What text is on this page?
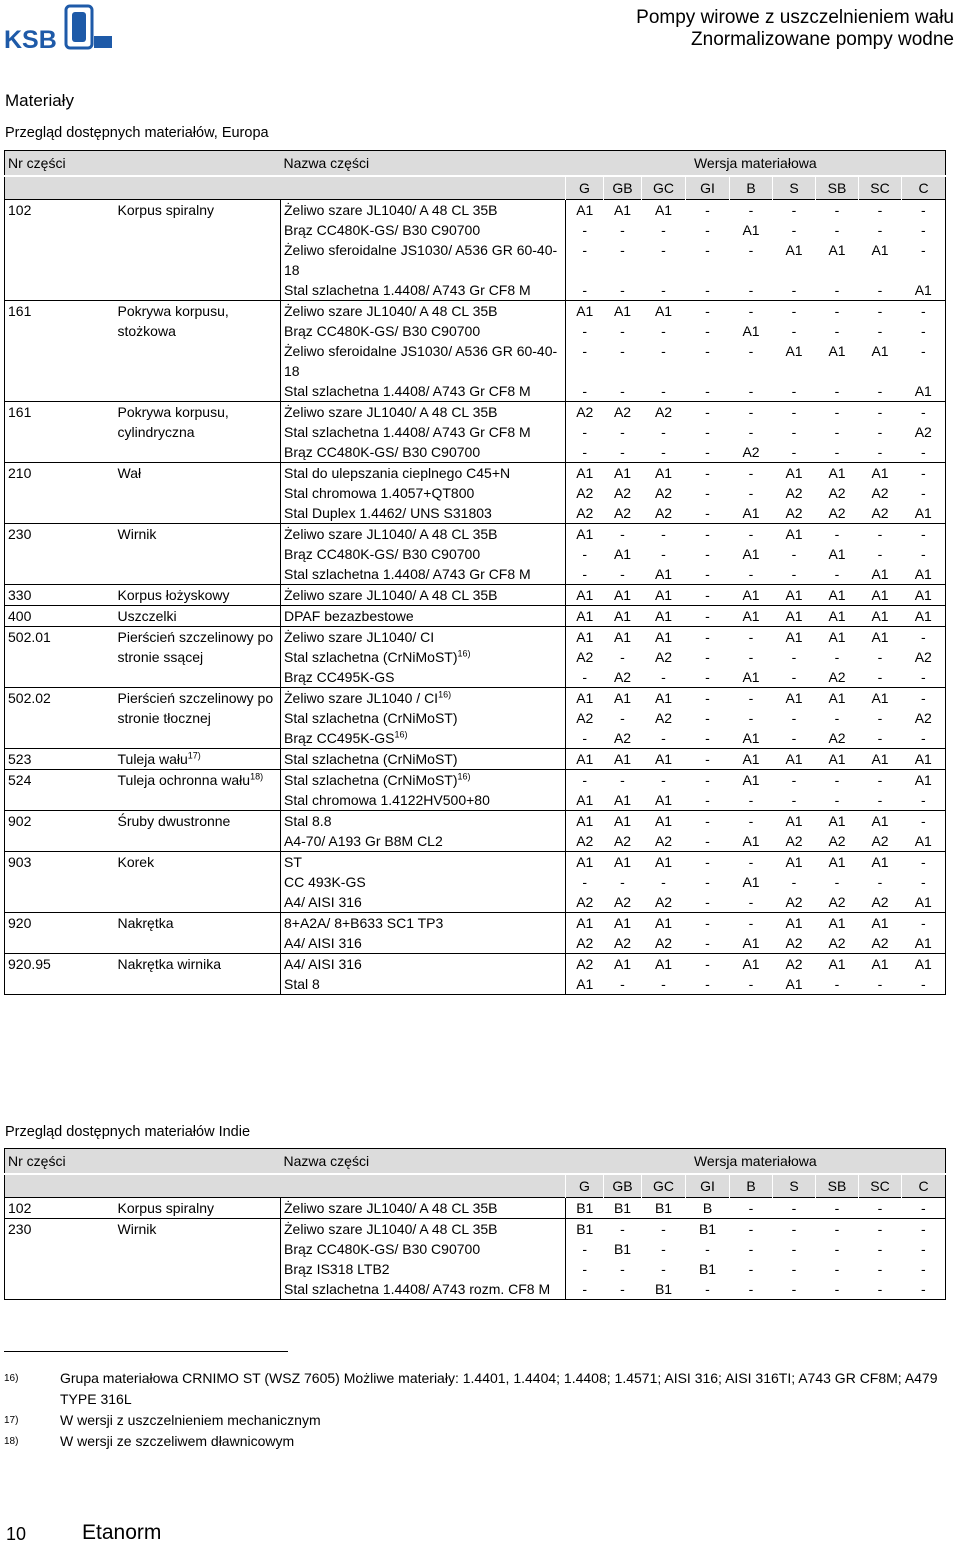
KSB
Pompy wirowe z uszczelnieniem wału
Znormalizowane pompy wodne
Materiały
Przegląd dostępnych materiałów, Europa
Nr części	Nazwa części		Wersja materiałowa								
			G	GB	GC	GI	B	S	SB	SC	C
102	Korpus spiralny	Żeliwo szare JL1040/ A 48 CL 35B	A1	A1	A1	-	-	-	-	-	-
		Brąz CC480K-GS/ B30 C90700	-	-	-	-	A1	-	-	-	-
		Żeliwo sferoidalne JS1030/ A536 GR 60-40-18	-	-	-	-	-	A1	A1	A1	-
		Stal szlachetna 1.4408/ A743 Gr CF8 M	-	-	-	-	-	-	-	-	A1
161	Pokrywa korpusu, stożkowa	Żeliwo szare JL1040/ A 48 CL 35B	A1	A1	A1	-	-	-	-	-	-
		Brąz CC480K-GS/ B30 C90700	-	-	-	-	A1	-	-	-	-
		Żeliwo sferoidalne JS1030/ A536 GR 60-40-18	-	-	-	-	-	A1	A1	A1	-
		Stal szlachetna 1.4408/ A743 Gr CF8 M	-	-	-	-	-	-	-	-	A1
161	Pokrywa korpusu, cylindryczna	Żeliwo szare JL1040/ A 48 CL 35B	A2	A2	A2	-	-	-	-	-	-
		Stal szlachetna 1.4408/ A743 Gr CF8 M	-	-	-	-	-	-	-	-	A2
		Brąz CC480K-GS/ B30 C90700	-	-	-	-	A2	-	-	-	-
210	Wał	Stal do ulepszania cieplnego C45+N	A1	A1	A1	-	-	A1	A1	A1	-
		Stal chromowa 1.4057+QT800	A2	A2	A2	-	-	A2	A2	A2	-
		Stal Duplex 1.4462/ UNS S31803	A2	A2	A2	-	A1	A2	A2	A2	A1
230	Wirnik	Żeliwo szare JL1040/ A 48 CL 35B	A1	-	-	-	-	A1	-	-	-
		Brąz CC480K-GS/ B30 C90700	-	A1	-	-	A1	-	A1	-	-
		Stal szlachetna 1.4408/ A743 Gr CF8 M	-	-	A1	-	-	-	-	A1	A1
330	Korpus łożyskowy	Żeliwo szare JL1040/ A 48 CL 35B	A1	A1	A1	-	A1	A1	A1	A1	A1
400	Uszczelki	DPAF bezazbestowe	A1	A1	A1	-	A1	A1	A1	A1	A1
502.01	Pierścień szczelinowy po stronie ssącej	Żeliwo szare JL1040/ CI	A1	A1	A1	-	-	A1	A1	A1	-
		Stal szlachetna (CrNiMoST)$^{16)}$	A2	-	A2	-	-	-	-	-	A2
		Brąz CC495K-GS	-	A2	-	-	A1	-	A2	-	-
502.02	Pierścień szczelinowy po stronie tłocznej	Żeliwo szare JL1040 / CI$^{16)}$	A1	A1	A1	-	-	A1	A1	A1	-
		Stal szlachetna (CrNiMoST)	A2	-	A2	-	-	-	-	-	A2
		Brąz CC495K-GS$^{16)}$	-	A2	-	-	A1	-	A2	-	-
523	Tuleja wału$^{17)}$	Stal szlachetna (CrNiMoST)	A1	A1	A1	-	A1	A1	A1	A1	A1
524	Tuleja ochronna wału$^{18)}$	Stal szlachetna (CrNiMoST)$^{16)}$	-	-	-	-	A1	-	-	-	A1
		Stal chromowa 1.4122HV500+80	A1	A1	A1	-	-	-	-	-	-
902	Śruby dwustronne	Stal 8.8	A1	A1	A1	-	-	A1	A1	A1	-
		A4-70/ A193 Gr B8M CL2	A2	A2	A2	-	A1	A2	A2	A2	A1
903	Korek	ST	A1	A1	A1	-	-	A1	A1	A1	-
		CC 493K-GS	-	-	-	-	A1	-	-	-	-
		A4/ AISI 316	A2	A2	A2	-	-	A2	A2	A2	A1
920	Nakrętka	8+A2A/ 8+B633 SC1 TP3	A1	A1	A1	-	-	A1	A1	A1	-
		A4/ AISI 316	A2	A2	A2	-	A1	A2	A2	A2	A1
920.95	Nakrętka wirnika	A4/ AISI 316	A2	A1	A1	-	A1	A2	A1	A1	A1
		Stal 8	A1	-	-	-	-	A1	-	-	-
Przegląd dostępnych materiałów Indie
Nr części	Nazwa części		Wersja materiałowa								
			G	GB	GC	GI	B	S	SB	SC	C
102	Korpus spiralny	Żeliwo szare JL1040/ A 48 CL 35B	B1	B1	B1	B	-	-	-	-	-
230	Wirnik	Żeliwo szare JL1040/ A 48 CL 35B	B1	-	-	B1	-	-	-	-	-
		Brąz CC480K-GS/ B30 C90700	-	B1	-	-	-	-	-	-	-
		Brąz IS318 LTB2	-	-	-	B1	-	-	-	-	-
		Stal szlachetna 1.4408/ A743 rozm. CF8 M	-	-	B1	-	-	-	-	-	-
16)	Grupa materiałowa CRNIMO ST (WSZ 7605) Możliwe materiały: 1.4401, 1.4404; 1.4408; 1.4571; AISI 316; AISI 316TI; A743 GR CF8M; A479 TYPE 316L
17)	W wersji z uszczelnieniem mechanicznym
18)	W wersji ze szczeliwem dławnicowym
10	Etanorm
